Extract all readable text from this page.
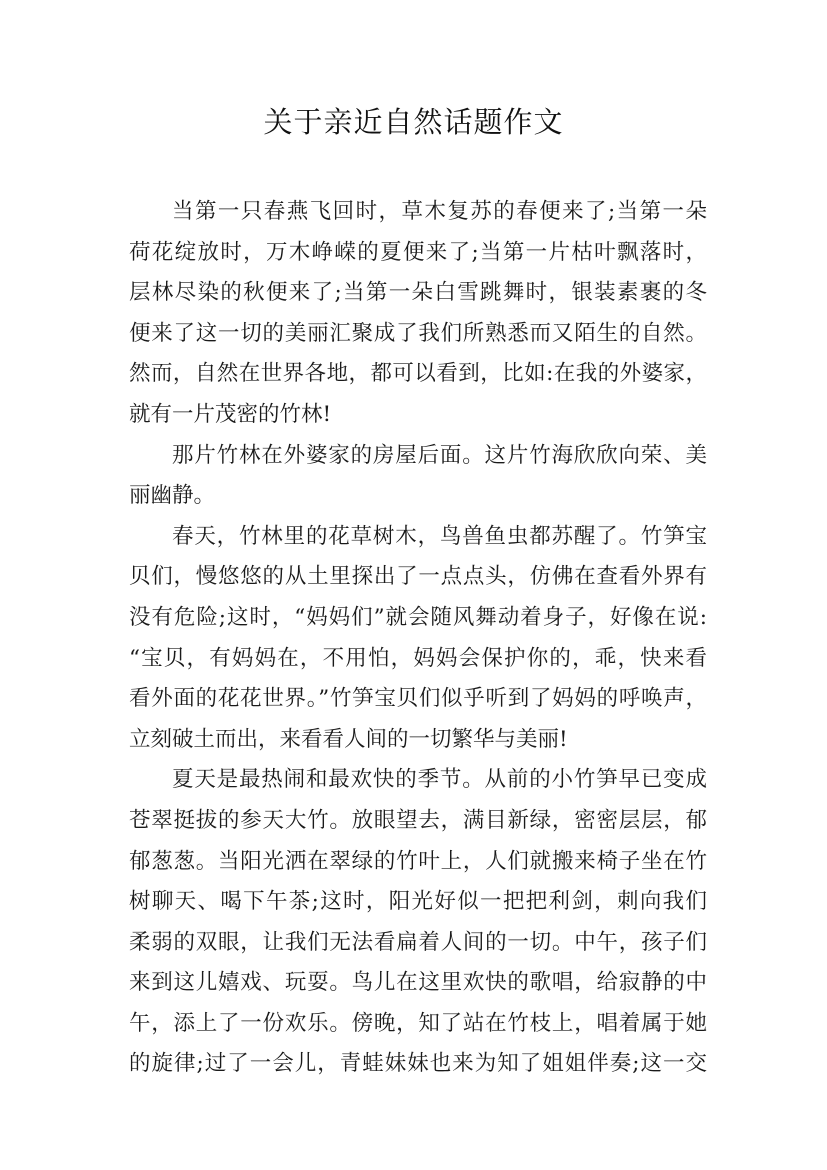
关于亲近自然话题作文
当第一只春燕飞回时，草木复苏的春便来了;当第一朵
荷花绽放时，万木峥嵘的夏便来了;当第一片枯叶飘落时，
层林尽染的秋便来了;当第一朵白雪跳舞时，银装素裹的冬
便来了这一切的美丽汇聚成了我们所熟悉而又陌生的自然。
然而，自然在世界各地，都可以看到，比如:在我的外婆家，
就有一片茂密的竹林!
那片竹林在外婆家的房屋后面。这片竹海欣欣向荣、美
丽幽静。
春天，竹林里的花草树木，鸟兽鱼虫都苏醒了。竹笋宝
贝们，慢悠悠的从土里探出了一点点头，仿佛在查看外界有
没有危险;这时，“妈妈们”就会随风舞动着身子，好像在说:
“宝贝，有妈妈在，不用怕，妈妈会保护你的，乖，快来看
看外面的花花世界。”竹笋宝贝们似乎听到了妈妈的呼唤声，
立刻破土而出，来看看人间的一切繁华与美丽!
夏天是最热闹和最欢快的季节。从前的小竹笋早已变成
苍翠挺拔的参天大竹。放眼望去，满目新绿，密密层层，郁
郁葱葱。当阳光洒在翠绿的竹叶上，人们就搬来椅子坐在竹
树聊天、喝下午茶;这时，阳光好似一把把利剑，刺向我们
柔弱的双眼，让我们无法看扁着人间的一切。中午，孩子们
来到这儿嬉戏、玩耍。鸟儿在这里欢快的歌唱，给寂静的中
午，添上了一份欢乐。傍晚，知了站在竹枝上，唱着属于她
的旋律;过了一会儿，青蛙妹妹也来为知了姐姐伴奏;这一交
